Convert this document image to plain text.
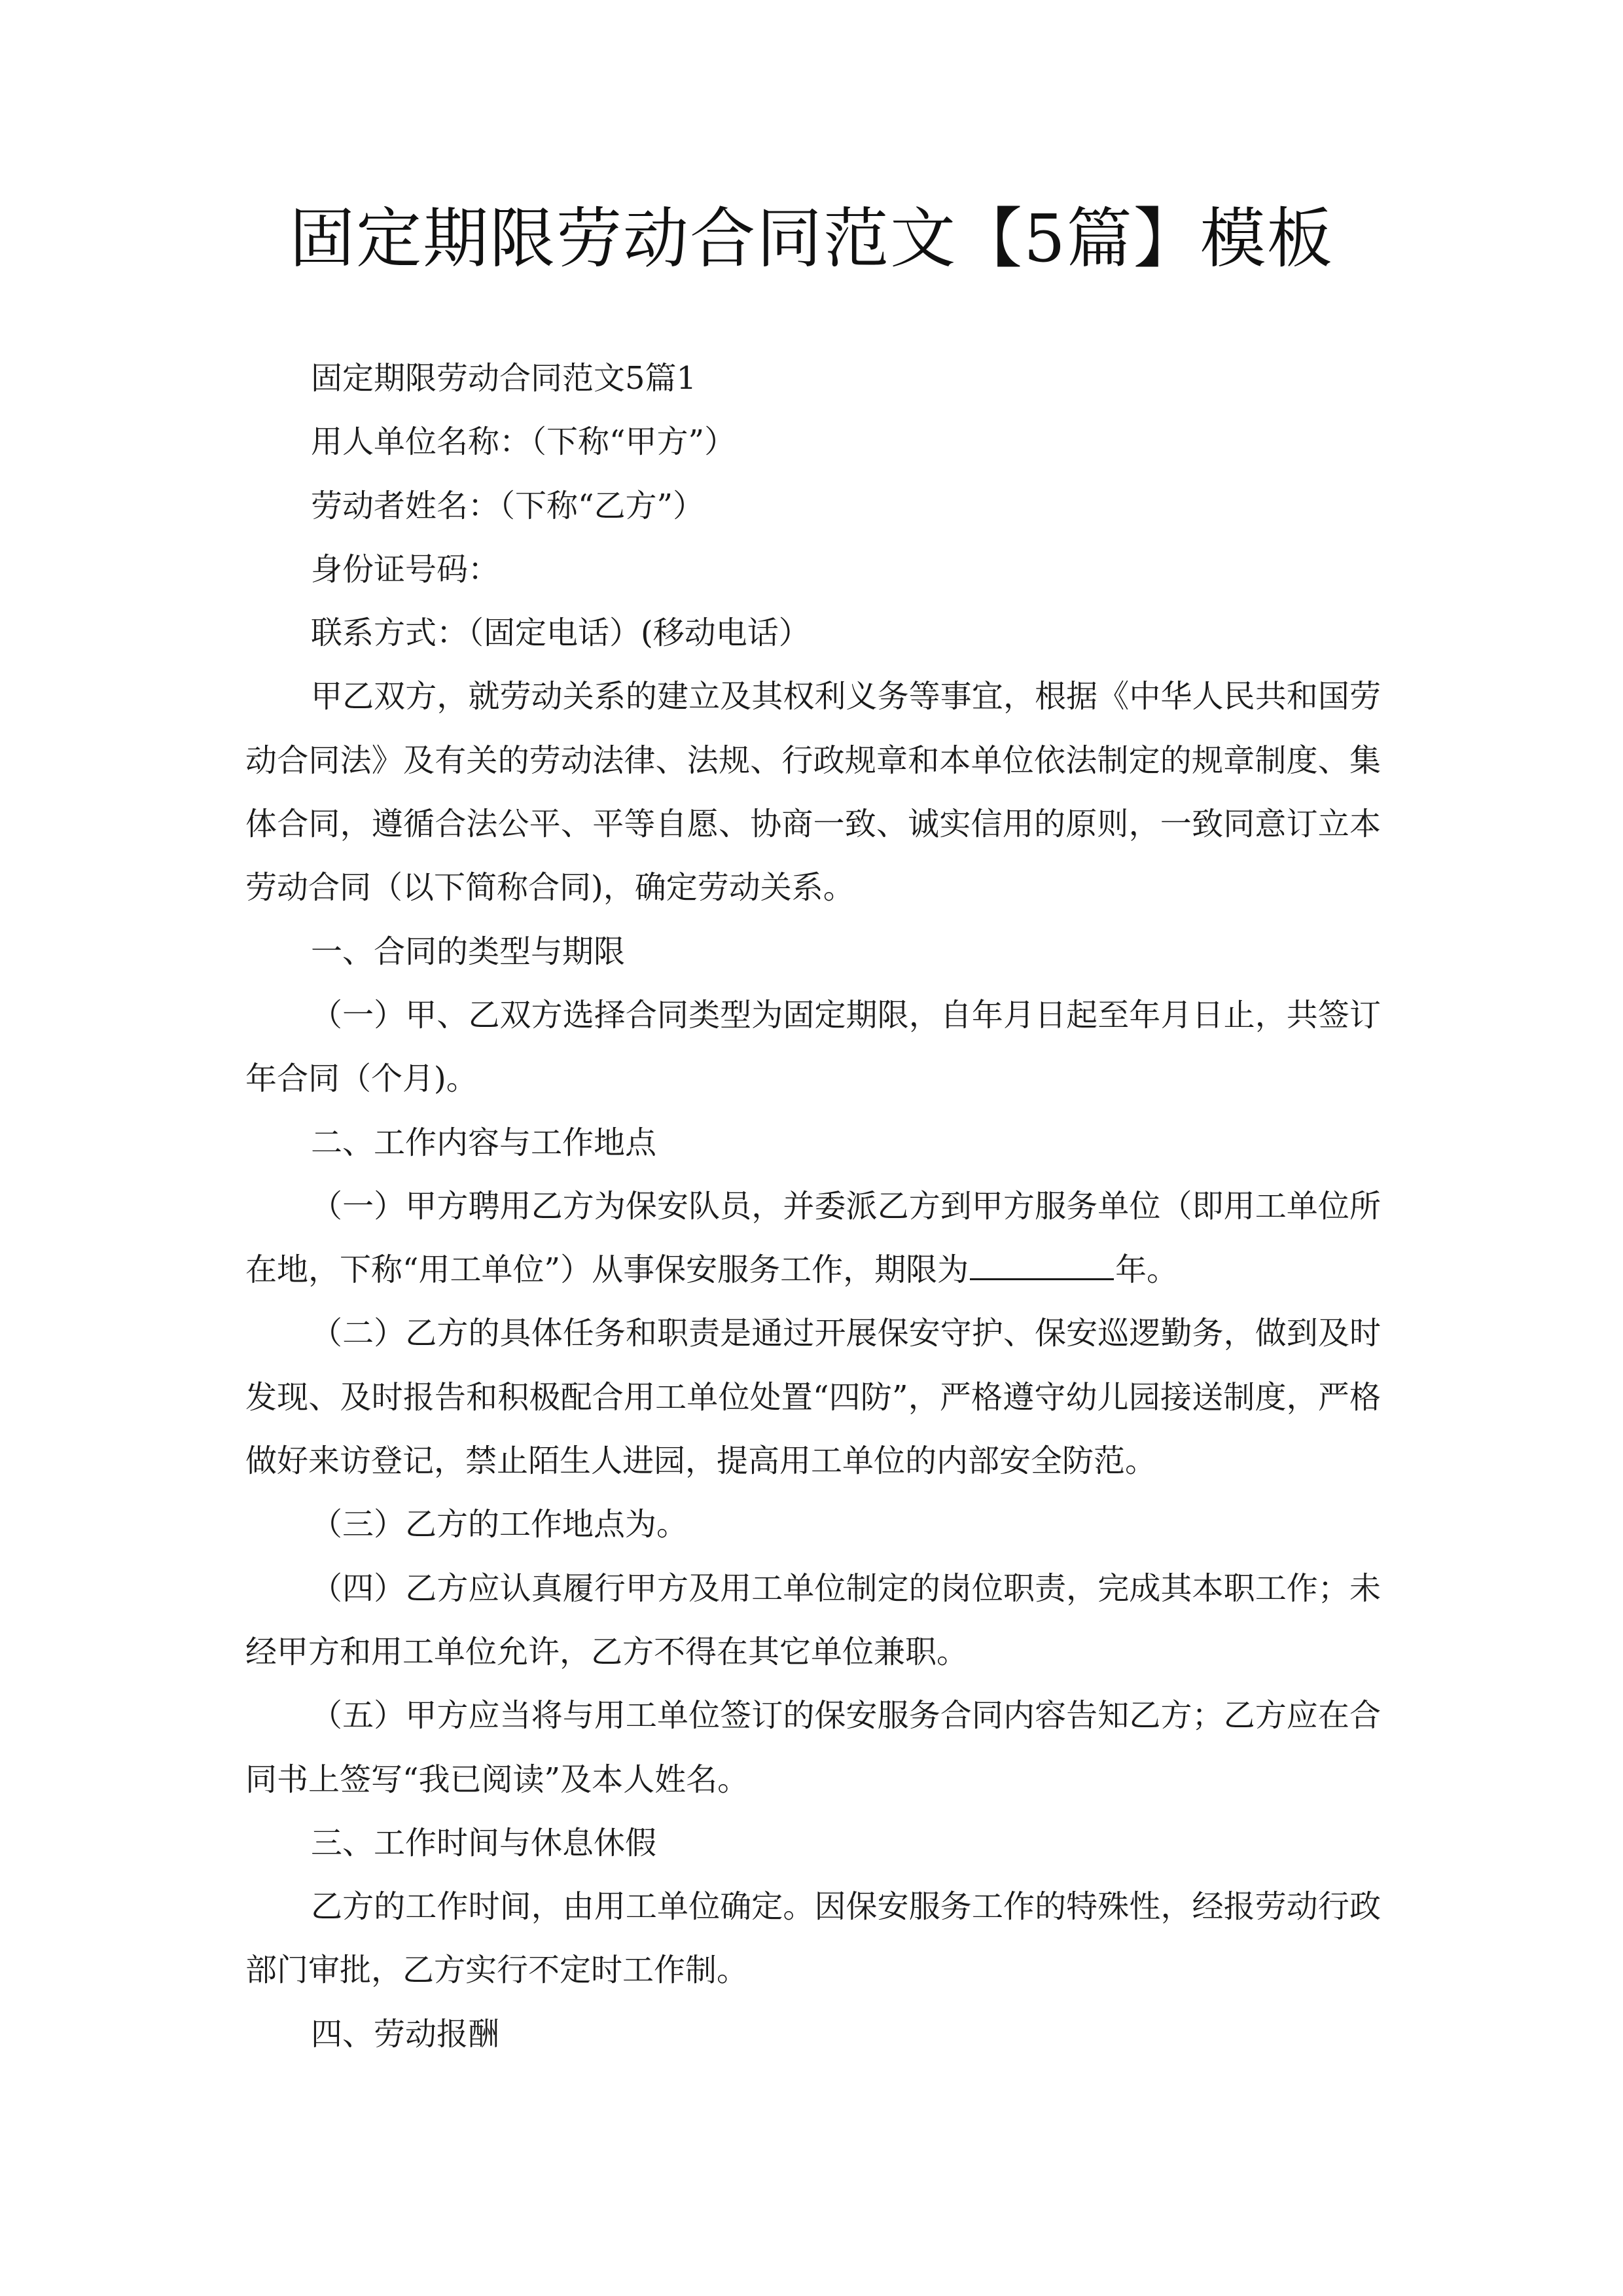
固定期限劳动合同范文【5篇】模板

固定期限劳动合同范文5篇1

用人单位名称：（下称“甲方”）

劳动者姓名：（下称“乙方”）

身份证号码：

联系方式：（固定电话）(移动电话）

甲乙双方，就劳动关系的建立及其权利义务等事宜，根据《中华人民共和国劳动合同法》及有关的劳动法律、法规、行政规章和本单位依法制定的规章制度、集体合同，遵循合法公平、平等自愿、协商一致、诚实信用的原则，一致同意订立本劳动合同（以下简称合同)，确定劳动关系。

一、合同的类型与期限

（一）甲、乙双方选择合同类型为固定期限，自年月日起至年月日止，共签订年合同（个月)。

二、工作内容与工作地点

（一）甲方聘用乙方为保安队员，并委派乙方到甲方服务单位（即用工单位所在地，下称“用工单位”）从事保安服务工作，期限为	年。

（二）乙方的具体任务和职责是通过开展保安守护、保安巡逻勤务，做到及时发现、及时报告和积极配合用工单位处置“四防”，严格遵守幼儿园接送制度，严格做好来访登记，禁止陌生人进园，提高用工单位的内部安全防范。

（三）乙方的工作地点为。

（四）乙方应认真履行甲方及用工单位制定的岗位职责，完成其本职工作；未经甲方和用工单位允许，乙方不得在其它单位兼职。

（五）甲方应当将与用工单位签订的保安服务合同内容告知乙方；乙方应在合同书上签写“我已阅读”及本人姓名。

三、工作时间与休息休假

乙方的工作时间，由用工单位确定。因保安服务工作的特殊性，经报劳动行政部门审批，乙方实行不定时工作制。

四、劳动报酬
